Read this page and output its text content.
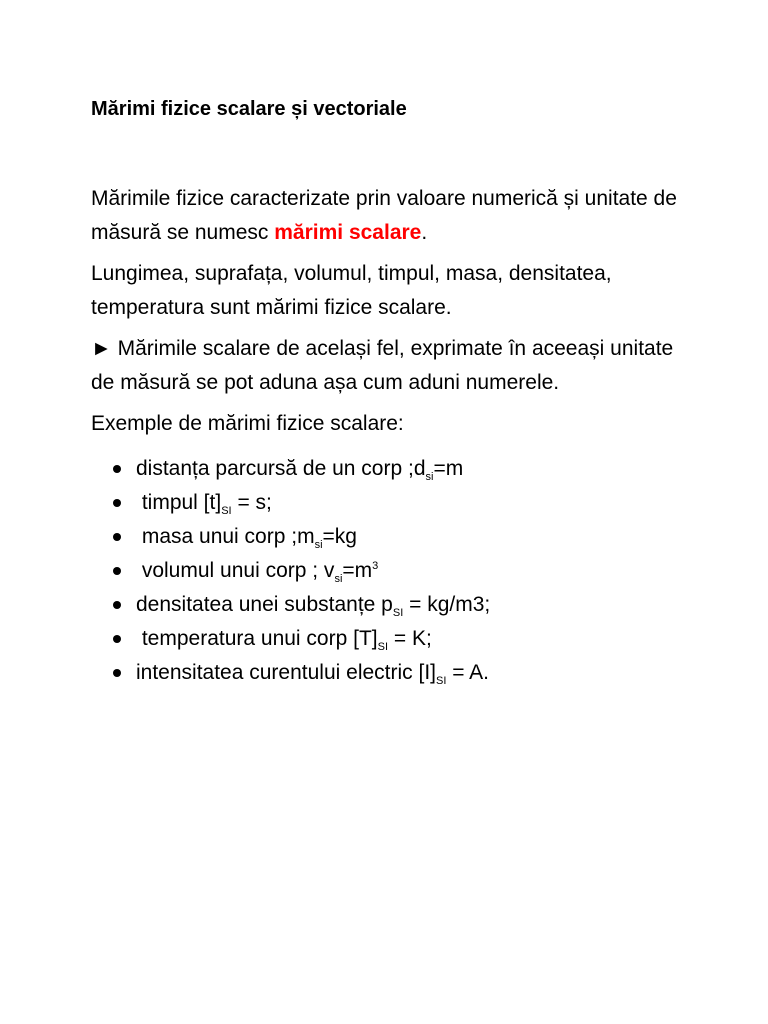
Mărimi fizice scalare și vectoriale

Mărimile fizice caracterizate prin valoare numerică și unitate de măsură se numesc mărimi scalare.

Lungimea, suprafața, volumul, timpul, masa, densitatea, temperatura sunt mărimi fizice scalare.

► Mărimile scalare de același fel, exprimate în aceeași unitate de măsură se pot aduna așa cum aduni numerele.

Exemple de mărimi fizice scalare:

distanța parcursă de un corp $;d_{si}=m$
timpul $[t]_{SI} = s$;
masa unui corp $;m_{si}=kg$
volumul unui corp ; $v_{si}=m^3$
densitatea unei substanțe $p_{SI} = kg/m3$;
temperatura unui corp $[T]_{SI} = K$;
intensitatea curentului electric $[I]_{SI} = A$.
